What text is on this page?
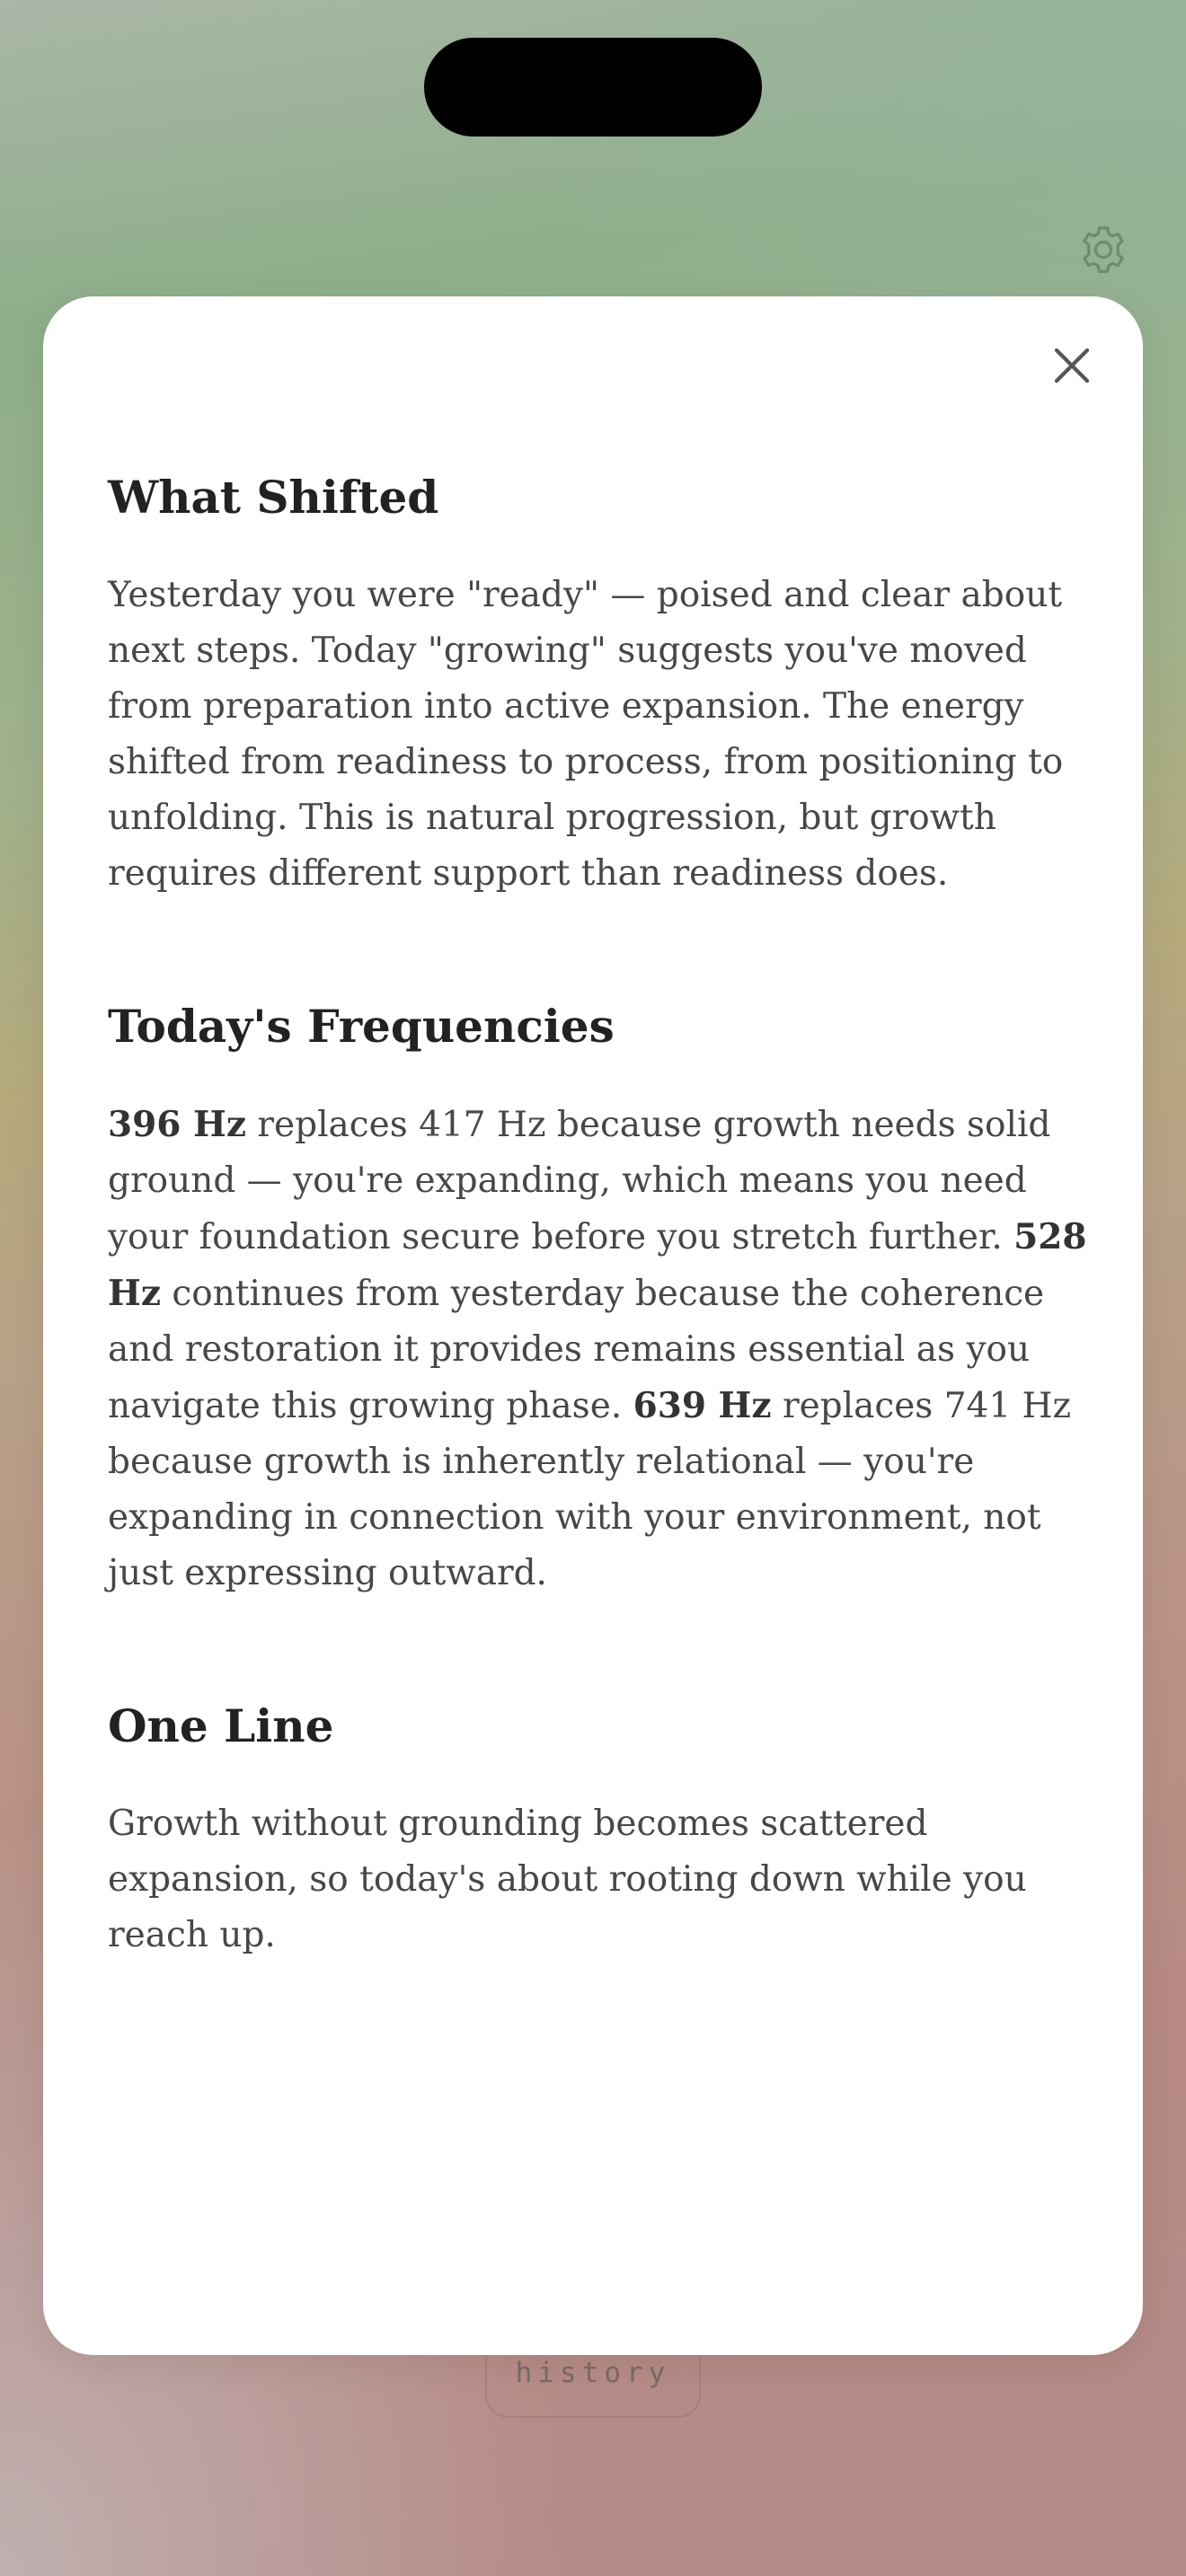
history
What Shifted

Yesterday you were "ready" — poised and clear about next steps. Today "growing" suggests you've moved from preparation into active expansion. The energy shifted from readiness to process, from positioning to unfolding. This is natural progression, but growth requires different support than readiness does.

Today's Frequencies

396 Hz replaces 417 Hz because growth needs solid ground — you're expanding, which means you need your foundation secure before you stretch further. 528 Hz continues from yesterday because the coherence and restoration it provides remains essential as you navigate this growing phase. 639 Hz replaces 741 Hz because growth is inherently relational — you're expanding in connection with your environment, not just expressing outward.

One Line

Growth without grounding becomes scattered expansion, so today's about rooting down while you reach up.
